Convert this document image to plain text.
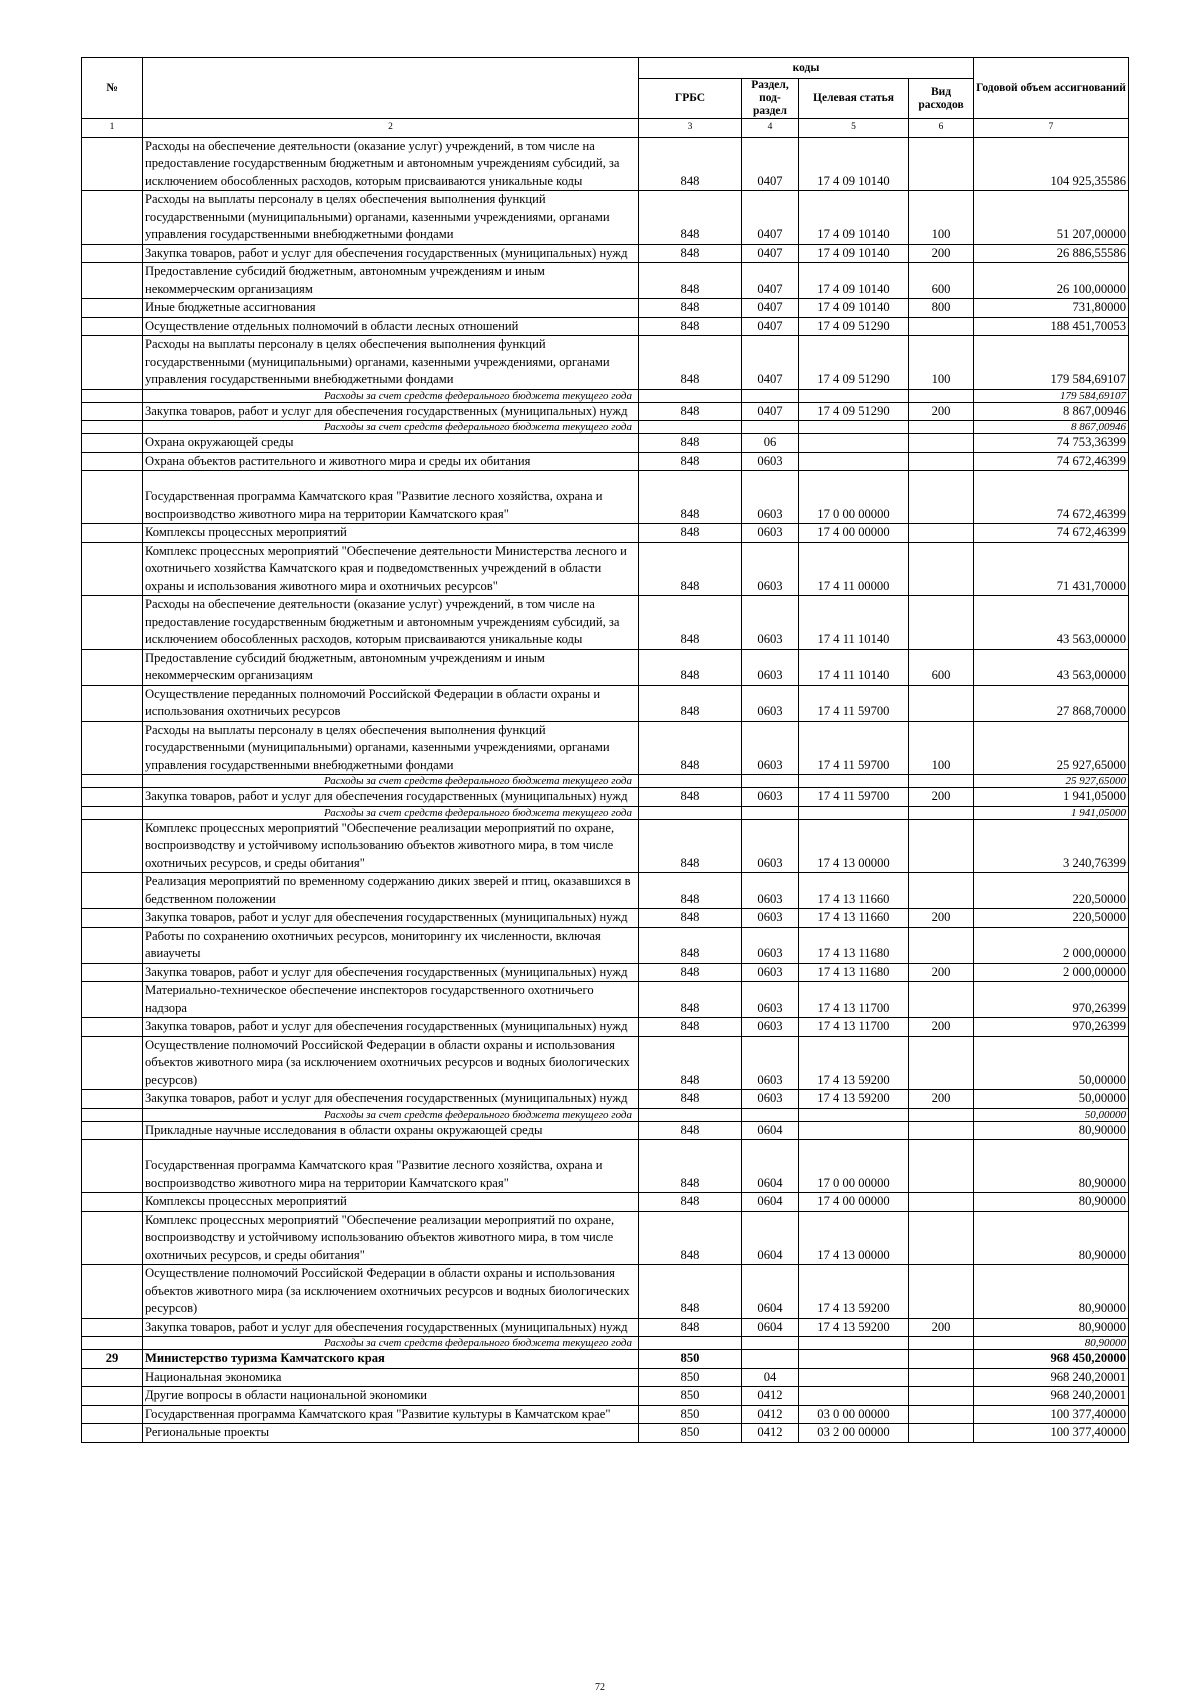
№		коды				Годовой объем ассигнований
		ГРБС	Раздел, под- раздел	Целевая статья	Вид расходов	
1	2	3	4	5	6	7
	Расходы на обеспечение деятельности (оказание услуг) учреждений, в том числе на предоставление государственным бюджетным и автономным учреждениям субсидий, за исключением обособленных расходов, которым присваиваются уникальные коды	848	0407	17 4 09 10140		104 925,35586
	Расходы на выплаты персоналу в целях обеспечения выполнения функций государственными (муниципальными) органами, казенными учреждениями, органами управления государственными внебюджетными фондами	848	0407	17 4 09 10140	100	51 207,00000
	Закупка товаров, работ и услуг для обеспечения государственных (муниципальных) нужд	848	0407	17 4 09 10140	200	26 886,55586
	Предоставление субсидий бюджетным, автономным учреждениям и иным некоммерческим организациям	848	0407	17 4 09 10140	600	26 100,00000
	Иные бюджетные ассигнования	848	0407	17 4 09 10140	800	731,80000
	Осуществление отдельных полномочий в области лесных отношений	848	0407	17 4 09 51290		188 451,70053
	Расходы на выплаты персоналу в целях обеспечения выполнения функций государственными (муниципальными) органами, казенными учреждениями, органами управления государственными внебюджетными фондами	848	0407	17 4 09 51290	100	179 584,69107
	Расходы за счет средств федерального бюджета текущего года					179 584,69107
	Закупка товаров, работ и услуг для обеспечения государственных (муниципальных) нужд	848	0407	17 4 09 51290	200	8 867,00946
	Расходы за счет средств федерального бюджета текущего года					8 867,00946
	Охрана окружающей среды	848	06			74 753,36399
	Охрана объектов растительного и животного мира и среды их обитания	848	0603			74 672,46399
	Государственная программа Камчатского края "Развитие лесного хозяйства, охрана и воспроизводство животного мира на территории Камчатского края"	848	0603	17 0 00 00000		74 672,46399
	Комплексы процессных мероприятий	848	0603	17 4 00 00000		74 672,46399
	Комплекс процессных мероприятий "Обеспечение деятельности Министерства лесного и охотничьего хозяйства Камчатского края и подведомственных учреждений в области охраны и использования животного мира и охотничьих ресурсов"	848	0603	17 4 11 00000		71 431,70000
	Расходы на обеспечение деятельности (оказание услуг) учреждений, в том числе на предоставление государственным бюджетным и автономным учреждениям субсидий, за исключением обособленных расходов, которым присваиваются уникальные коды	848	0603	17 4 11 10140		43 563,00000
	Предоставление субсидий бюджетным, автономным учреждениям и иным некоммерческим организациям	848	0603	17 4 11 10140	600	43 563,00000
	Осуществление переданных полномочий Российской Федерации в области охраны и использования охотничьих ресурсов	848	0603	17 4 11 59700		27 868,70000
	Расходы на выплаты персоналу в целях обеспечения выполнения функций государственными (муниципальными) органами, казенными учреждениями, органами управления государственными внебюджетными фондами	848	0603	17 4 11 59700	100	25 927,65000
	Расходы за счет средств федерального бюджета текущего года					25 927,65000
	Закупка товаров, работ и услуг для обеспечения государственных (муниципальных) нужд	848	0603	17 4 11 59700	200	1 941,05000
	Расходы за счет средств федерального бюджета текущего года					1 941,05000
	Комплекс процессных мероприятий "Обеспечение реализации мероприятий по охране, воспроизводству и устойчивому использованию объектов животного мира, в том числе охотничьих ресурсов, и среды обитания"	848	0603	17 4 13 00000		3 240,76399
	Реализация мероприятий по временному содержанию диких зверей и птиц, оказавшихся в бедственном положении	848	0603	17 4 13 11660		220,50000
	Закупка товаров, работ и услуг для обеспечения государственных (муниципальных) нужд	848	0603	17 4 13 11660	200	220,50000
	Работы по сохранению охотничьих ресурсов, мониторингу их численности, включая авиаучеты	848	0603	17 4 13 11680		2 000,00000
	Закупка товаров, работ и услуг для обеспечения государственных (муниципальных) нужд	848	0603	17 4 13 11680	200	2 000,00000
	Материально-техническое обеспечение инспекторов государственного охотничьего надзора	848	0603	17 4 13 11700		970,26399
	Закупка товаров, работ и услуг для обеспечения государственных (муниципальных) нужд	848	0603	17 4 13 11700	200	970,26399
	Осуществление полномочий Российской Федерации в области охраны и использования объектов животного мира (за исключением охотничьих ресурсов и водных биологических ресурсов)	848	0603	17 4 13 59200		50,00000
	Закупка товаров, работ и услуг для обеспечения государственных (муниципальных) нужд	848	0603	17 4 13 59200	200	50,00000
	Расходы за счет средств федерального бюджета текущего года					50,00000
	Прикладные научные исследования в области охраны окружающей среды	848	0604			80,90000
	Государственная программа Камчатского края "Развитие лесного хозяйства, охрана и воспроизводство животного мира на территории Камчатского края"	848	0604	17 0 00 00000		80,90000
	Комплексы процессных мероприятий	848	0604	17 4 00 00000		80,90000
	Комплекс процессных мероприятий "Обеспечение реализации мероприятий по охране, воспроизводству и устойчивому использованию объектов животного мира, в том числе охотничьих ресурсов, и среды обитания"	848	0604	17 4 13 00000		80,90000
	Осуществление полномочий Российской Федерации в области охраны и использования объектов животного мира (за исключением охотничьих ресурсов и водных биологических ресурсов)	848	0604	17 4 13 59200		80,90000
	Закупка товаров, работ и услуг для обеспечения государственных (муниципальных) нужд	848	0604	17 4 13 59200	200	80,90000
	Расходы за счет средств федерального бюджета текущего года					80,90000
29	Министерство туризма Камчатского края	850				968 450,20000
	Национальная экономика	850	04			968 240,20001
	Другие вопросы в области национальной экономики	850	0412			968 240,20001
	Государственная программа Камчатского края "Развитие культуры в Камчатском крае"	850	0412	03 0 00 00000		100 377,40000
	Региональные проекты	850	0412	03 2 00 00000		100 377,40000
72
